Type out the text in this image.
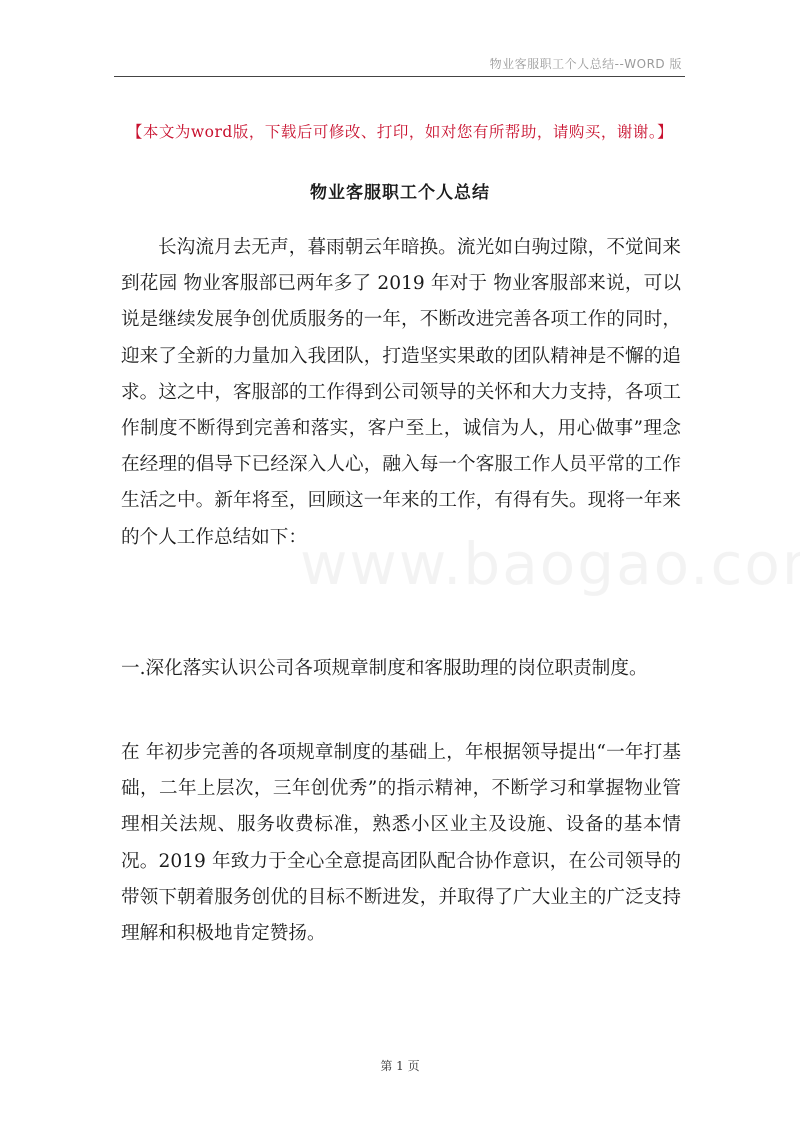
物业客服职工个人总结--WORD 版
【本文为word版，下载后可修改、打印，如对您有所帮助，请购买，谢谢。】
物业客服职工个人总结
长沟流月去无声，暮雨朝云年暗换。流光如白驹过隙，不觉间来到花园 物业客服部已两年多了 2019 年对于 物业客服部来说，可以说是继续发展争创优质服务的一年，不断改进完善各项工作的同时，迎来了全新的力量加入我团队，打造坚实果敢的团队精神是不懈的追求。这之中，客服部的工作得到公司领导的关怀和大力支持，各项工作制度不断得到完善和落实，客户至上，诚信为人，用心做事”理念在经理的倡导下已经深入人心，融入每一个客服工作人员平常的工作生活之中。新年将至，回顾这一年来的工作，有得有失。现将一年来的个人工作总结如下：
一.深化落实认识公司各项规章制度和客服助理的岗位职责制度。
在 年初步完善的各项规章制度的基础上，年根据领导提出“一年打基础，二年上层次，三年创优秀”的指示精神，不断学习和掌握物业管理相关法规、服务收费标准，熟悉小区业主及设施、设备的基本情况。2019 年致力于全心全意提高团队配合协作意识，在公司领导的带领下朝着服务创优的目标不断进发，并取得了广大业主的广泛支持理解和积极地肯定赞扬。
第 1 页
